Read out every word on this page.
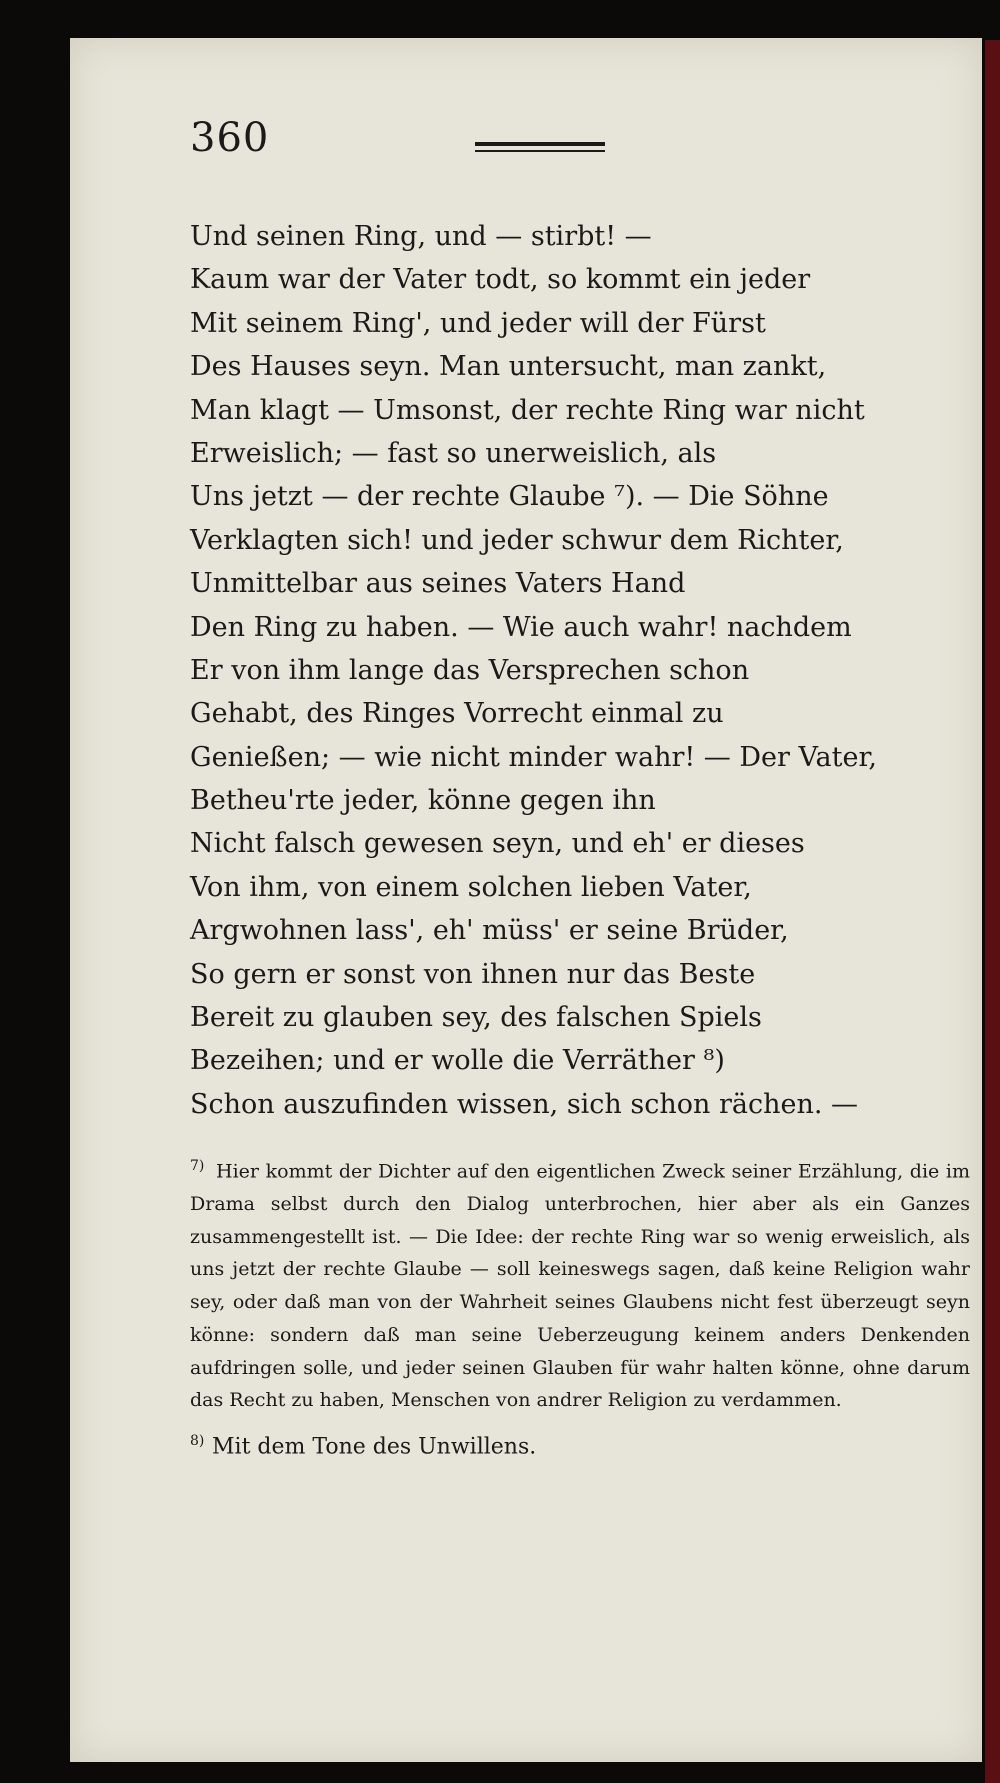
360
Und seinen Ring, und — stirbt! —
Kaum war der Vater todt, so kommt ein jeder
Mit seinem Ring', und jeder will der Fürst
Des Hauses seyn. Man untersucht, man zankt,
Man klagt — Umsonst, der rechte Ring war nicht
Erweislich; — fast so unerweislich, als
Uns jetzt — der rechte Glaube ⁷). — Die Söhne
Verklagten sich! und jeder schwur dem Richter,
Unmittelbar aus seines Vaters Hand
Den Ring zu haben. — Wie auch wahr! nachdem
Er von ihm lange das Versprechen schon
Gehabt, des Ringes Vorrecht einmal zu
Genießen; — wie nicht minder wahr! — Der Vater,
Betheu'rte jeder, könne gegen ihn
Nicht falsch gewesen seyn, und eh' er dieses
Von ihm, von einem solchen lieben Vater,
Argwohnen lass', eh' müss' er seine Brüder,
So gern er sonst von ihnen nur das Beste
Bereit zu glauben sey, des falschen Spiels
Bezeihen; und er wolle die Verräther ⁸)
Schon auszufinden wissen, sich schon rächen. —

7) Hier kommt der Dichter auf den eigentlichen Zweck seiner Erzählung, die im Drama selbst durch den Dialog unterbrochen, hier aber als ein Ganzes zusammengestellt ist. — Die Idee: der rechte Ring war so wenig erweislich, als uns jetzt der rechte Glaube — soll keineswegs sagen, daß keine Religion wahr sey, oder daß man von der Wahrheit seines Glaubens nicht fest überzeugt seyn könne: sondern daß man seine Ueberzeugung keinem anders Denkenden aufdringen solle, und jeder seinen Glauben für wahr halten könne, ohne darum das Recht zu haben, Menschen von andrer Religion zu verdammen.

8) Mit dem Tone des Unwillens.
